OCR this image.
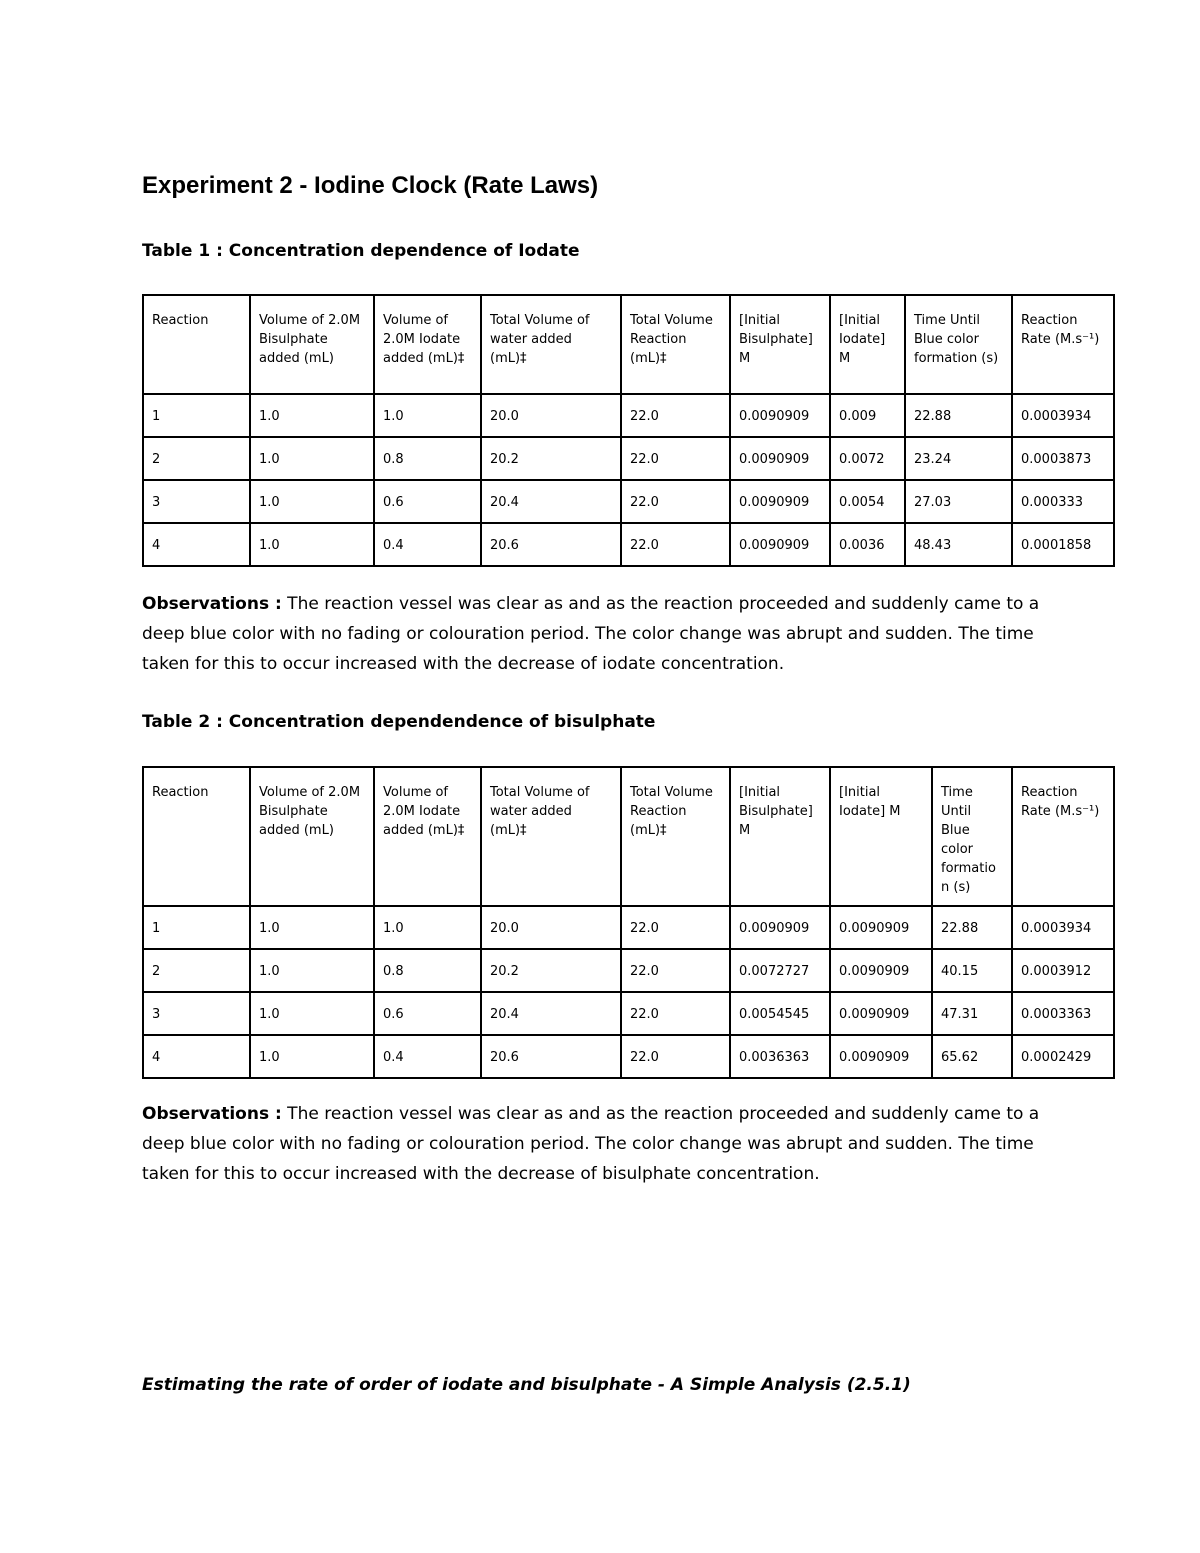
Experiment 2 - Iodine Clock (Rate Laws)

Table 1 : Concentration dependence of Iodate

Reaction	Volume of 2.0M Bisulphate added (mL)	Volume of 2.0M Iodate added (mL)‡	Total Volume of water added (mL)‡	Total Volume Reaction (mL)‡	[Initial Bisulphate] M	[Initial Iodate] M	Time Until Blue color formation (s)	Reaction Rate (M.s⁻¹)
1	1.0	1.0	20.0	22.0	0.0090909	0.009	22.88	0.0003934
2	1.0	0.8	20.2	22.0	0.0090909	0.0072	23.24	0.0003873
3	1.0	0.6	20.4	22.0	0.0090909	0.0054	27.03	0.000333
4	1.0	0.4	20.6	22.0	0.0090909	0.0036	48.43	0.0001858

Observations : The reaction vessel was clear as and as the reaction proceeded and suddenly came to a deep blue color with no fading or colouration period. The color change was abrupt and sudden. The time taken for this to occur increased with the decrease of iodate concentration.

Table 2 : Concentration dependendence of bisulphate

Reaction	Volume of 2.0M Bisulphate added (mL)	Volume of 2.0M Iodate added (mL)‡	Total Volume of water added (mL)‡	Total Volume Reaction (mL)‡	[Initial Bisulphate] M	[Initial Iodate] M	Time Until Blue color formation (s)	Reaction Rate (M.s⁻¹)
1	1.0	1.0	20.0	22.0	0.0090909	0.0090909	22.88	0.0003934
2	1.0	0.8	20.2	22.0	0.0072727	0.0090909	40.15	0.0003912
3	1.0	0.6	20.4	22.0	0.0054545	0.0090909	47.31	0.0003363
4	1.0	0.4	20.6	22.0	0.0036363	0.0090909	65.62	0.0002429

Observations : The reaction vessel was clear as and as the reaction proceeded and suddenly came to a deep blue color with no fading or colouration period. The color change was abrupt and sudden. The time taken for this to occur increased with the decrease of bisulphate concentration.

Estimating the rate of order of iodate and bisulphate - A Simple Analysis (2.5.1)
